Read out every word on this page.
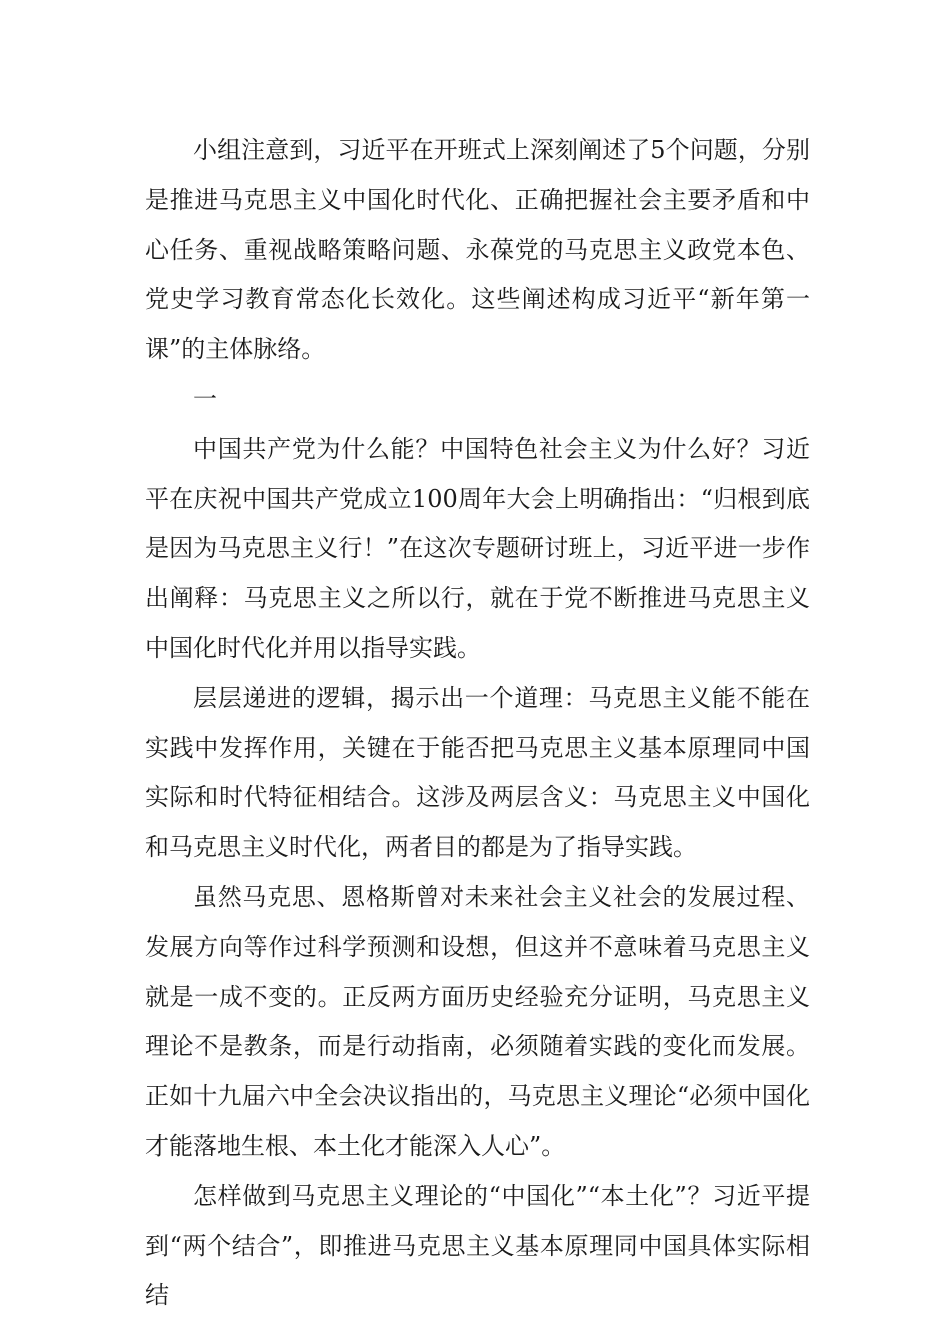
小组注意到，习近平在开班式上深刻阐述了5个问题，分别是推进马克思主义中国化时代化、正确把握社会主要矛盾和中心任务、重视战略策略问题、永葆党的马克思主义政党本色、党史学习教育常态化长效化。这些阐述构成习近平“新年第一课”的主体脉络。

一

中国共产党为什么能？中国特色社会主义为什么好？习近平在庆祝中国共产党成立100周年大会上明确指出：“归根到底是因为马克思主义行！”在这次专题研讨班上，习近平进一步作出阐释：马克思主义之所以行，就在于党不断推进马克思主义中国化时代化并用以指导实践。

层层递进的逻辑，揭示出一个道理：马克思主义能不能在实践中发挥作用，关键在于能否把马克思主义基本原理同中国实际和时代特征相结合。这涉及两层含义：马克思主义中国化和马克思主义时代化，两者目的都是为了指导实践。

虽然马克思、恩格斯曾对未来社会主义社会的发展过程、发展方向等作过科学预测和设想，但这并不意味着马克思主义就是一成不变的。正反两方面历史经验充分证明，马克思主义理论不是教条，而是行动指南，必须随着实践的变化而发展。正如十九届六中全会决议指出的，马克思主义理论“必须中国化才能落地生根、本土化才能深入人心”。

怎样做到马克思主义理论的“中国化”“本土化”？习近平提到“两个结合”，即推进马克思主义基本原理同中国具体实际相结
